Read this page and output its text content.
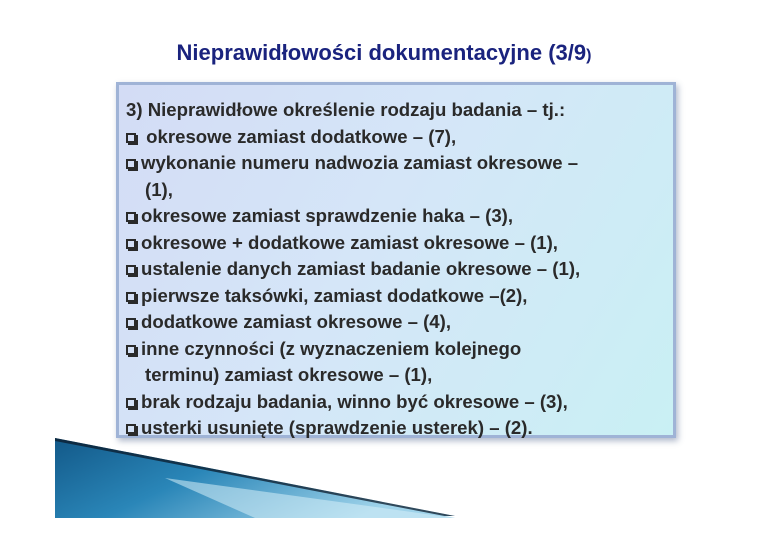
Nieprawidłowości dokumentacyjne (3/9)
3) Nieprawidłowe określenie rodzaju badania – tj.:
okresowe zamiast dodatkowe – (7),
wykonanie numeru nadwozia zamiast okresowe –
(1),
okresowe zamiast sprawdzenie haka – (3),
okresowe + dodatkowe zamiast okresowe – (1),
ustalenie danych zamiast badanie okresowe – (1),
pierwsze taksówki, zamiast dodatkowe –(2),
dodatkowe zamiast okresowe – (4),
inne czynności (z wyznaczeniem kolejnego
terminu) zamiast okresowe – (1),
brak rodzaju badania, winno być okresowe – (3),
usterki usunięte (sprawdzenie usterek) – (2).
